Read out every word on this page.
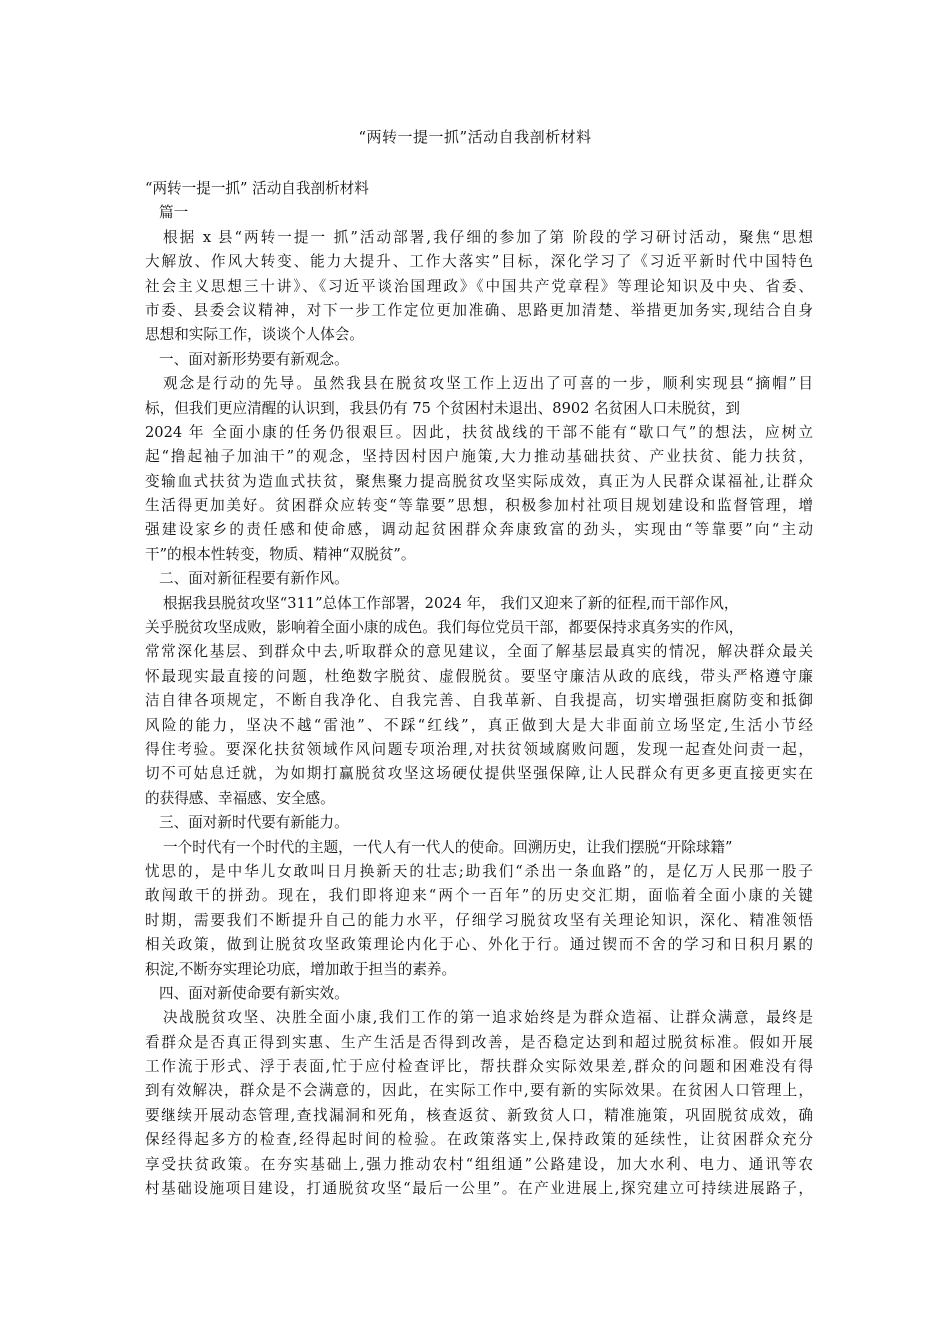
“两转一提一抓”活动自我剖析材料
“两转一提一抓” 活动自我剖析材料
篇一
根据 x 县“两转一提一 抓”活动部署,我仔细的参加了第 阶段的学习研讨活动，聚焦“思想
大解放、作风大转变、能力大提升、工作大落实”目标，深化学习了《习近平新时代中国特色
社会主义思想三十讲》、《习近平谈治国理政》《中国共产党章程》等理论知识及中央、省委、
市委、县委会议精神，对下一步工作定位更加准确、思路更加清楚、举措更加务实,现结合自身
思想和实际工作，谈谈个人体会。
一、面对新形势要有新观念。
观念是行动的先导。虽然我县在脱贫攻坚工作上迈出了可喜的一步，顺利实现县“摘帽”目
标，但我们更应清醒的认识到，我县仍有 75 个贫困村未退出、8902 名贫困人口未脱贫，到
2024 年 全面小康的任务仍很艰巨。因此，扶贫战线的干部不能有“歇口气”的想法，应树立
起“撸起袖子加油干”的观念，坚持因村因户施策,大力推动基础扶贫、产业扶贫、能力扶贫，
变输血式扶贫为造血式扶贫，聚焦聚力提高脱贫攻坚实际成效，真正为人民群众谋福祉,让群众
生活得更加美好。贫困群众应转变“等靠要”思想，积极参加村社项目规划建设和监督管理，增
强建设家乡的责任感和使命感，调动起贫困群众奔康致富的劲头，实现由“等靠要”向“主动
干”的根本性转变，物质、精神“双脱贫”。
二、面对新征程要有新作风。
根据我县脱贫攻坚“311”总体工作部署，2024 年， 我们又迎来了新的征程,而干部作风，
关乎脱贫攻坚成败，影响着全面小康的成色。我们每位党员干部，都要保持求真务实的作风，
常常深化基层、到群众中去,听取群众的意见建议，全面了解基层最真实的情况，解决群众最关
怀最现实最直接的问题，杜绝数字脱贫、虚假脱贫。要坚守廉洁从政的底线，带头严格遵守廉
洁自律各项规定，不断自我净化、自我完善、自我革新、自我提高，切实增强拒腐防变和抵御
风险的能力，坚决不越“雷池”、不踩“红线”，真正做到大是大非面前立场坚定,生活小节经
得住考验。要深化扶贫领域作风问题专项治理,对扶贫领域腐败问题，发现一起查处问责一起，
切不可姑息迁就，为如期打赢脱贫攻坚这场硬仗提供坚强保障,让人民群众有更多更直接更实在
的获得感、幸福感、安全感。
三、面对新时代要有新能力。
一个时代有一个时代的主题，一代人有一代人的使命。回溯历史，让我们摆脱“开除球籍”
忧思的，是中华儿女敢叫日月换新天的壮志;助我们“杀出一条血路”的，是亿万人民那一股子
敢闯敢干的拼劲。现在，我们即将迎来“两个一百年”的历史交汇期，面临着全面小康的关键
时期，需要我们不断提升自己的能力水平，仔细学习脱贫攻坚有关理论知识，深化、精准领悟
相关政策，做到让脱贫攻坚政策理论内化于心、外化于行。通过锲而不舍的学习和日积月累的
积淀,不断夯实理论功底，增加敢于担当的素养。
四、面对新使命要有新实效。
决战脱贫攻坚、决胜全面小康,我们工作的第一追求始终是为群众造福、让群众满意，最终是
看群众是否真正得到实惠、生产生活是否得到改善，是否稳定达到和超过脱贫标准。假如开展
工作流于形式、浮于表面,忙于应付检查评比，帮扶群众实际效果差,群众的问题和困难没有得
到有效解决，群众是不会满意的，因此，在实际工作中,要有新的实际效果。在贫困人口管理上，
要继续开展动态管理,查找漏洞和死角，核查返贫、新致贫人口，精准施策，巩固脱贫成效，确
保经得起多方的检查,经得起时间的检验。在政策落实上,保持政策的延续性，让贫困群众充分
享受扶贫政策。在夯实基础上,强力推动农村“组组通”公路建设，加大水利、电力、通讯等农
村基础设施项目建设，打通脱贫攻坚“最后一公里”。在产业进展上,探究建立可持续进展路子，
